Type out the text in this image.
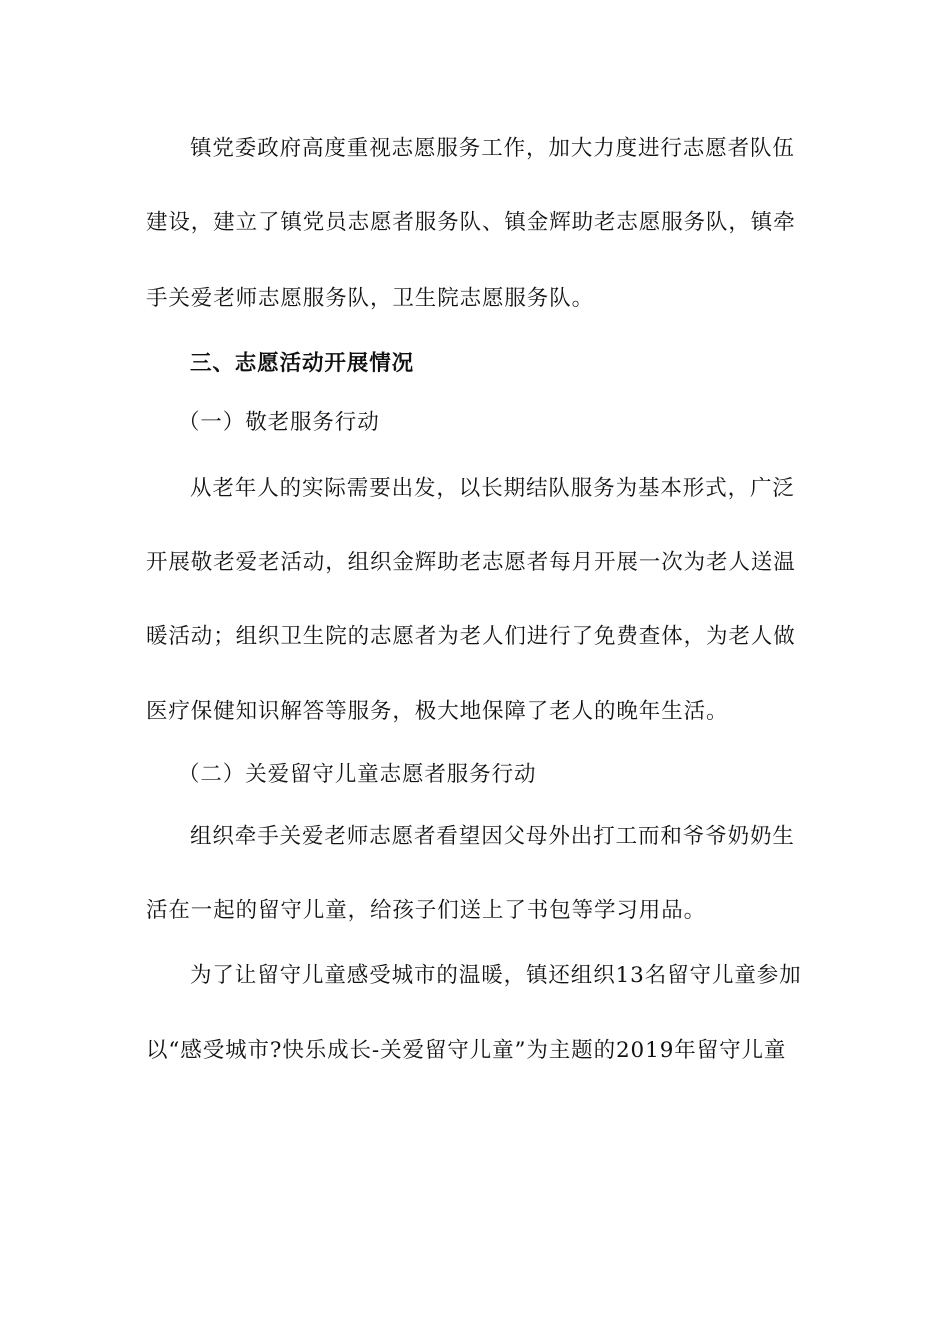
镇党委政府高度重视志愿服务工作，加大力度进行志愿者队伍
建设，建立了镇党员志愿者服务队、镇金辉助老志愿服务队，镇牵
手关爱老师志愿服务队，卫生院志愿服务队。
三、志愿活动开展情况
（一）敬老服务行动
从老年人的实际需要出发，以长期结队服务为基本形式，广泛
开展敬老爱老活动，组织金辉助老志愿者每月开展一次为老人送温
暖活动；组织卫生院的志愿者为老人们进行了免费查体，为老人做
医疗保健知识解答等服务，极大地保障了老人的晚年生活。
（二）关爱留守儿童志愿者服务行动
组织牵手关爱老师志愿者看望因父母外出打工而和爷爷奶奶生
活在一起的留守儿童，给孩子们送上了书包等学习用品。
为了让留守儿童感受城市的温暖，镇还组织13名留守儿童参加
以“感受城市?快乐成长-关爱留守儿童”为主题的2019年留守儿童
